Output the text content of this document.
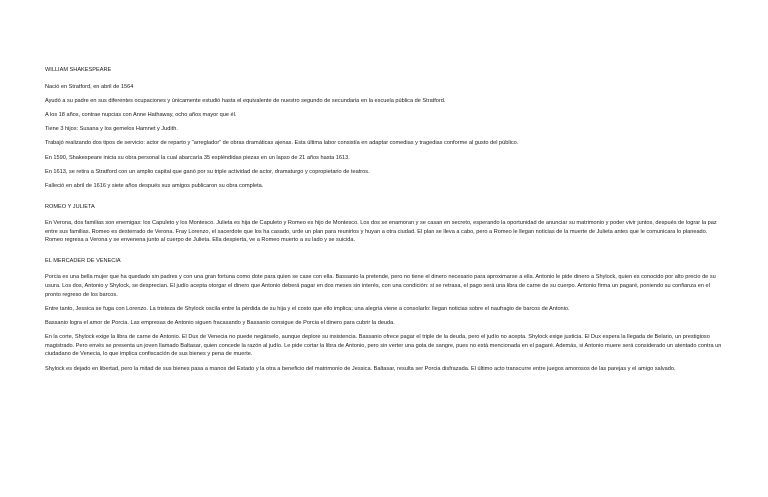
WILLIAM SHAKESPEARE

Nació en Stratford, en abril de 1564

Ayudó a su padre en sus diferentes ocupaciones y únicamente estudió hasta el equivalente de nuestro segundo de secundaria en la escuela pública de Stratford.

A los 18 años, contrae nupcias con Anne Hathaway, ocho años mayor que él.

Tiene 3 hijos: Susana y los gemelos Hamnet y Judith.

Trabajó realizando dos tipos de servicio: actor de reparto y “arreglador” de obras dramáticas ajenas. Esta última labor consistía en adaptar comedias y tragedias conforme al gusto del público.

En 1590, Shakespeare inicia su obra personal la cual abarcaría 35 espléndidas piezas en un lapso de 21 años hasta 1613.

En 1613, se retira a Stratford con un amplio capital que ganó por su triple actividad de actor, dramaturgo y copropietario de teatros.

Falleció en abril de 1616 y siete años después sus amigos publicaron su obra completa.

ROMEO Y JULIETA

En Verona, dos familias son enemigas: los Capuleto y los Montesco. Julieta es hija de Capuleto y Romeo es hijo de Montesco. Los dos se enamoran y se casan en secreto, esperando la oportunidad de anunciar su matrimonio y poder vivir juntos, después de lograr la paz entre sus familias. Romeo es desterrado de Verona. Fray Lorenzo, el sacerdote que los ha casado, urde un plan para reunirlos y huyan a otra ciudad. El plan se lleva a cabo, pero a Romeo le llegan noticias de la muerte de Julieta antes que le comunicara lo planeado. Romeo regresa a Verona y se envenena junto al cuerpo de Julieta. Ella despierta, ve a Romeo muerto a su lado y se suicida.

EL MERCADER DE VENECIA

Porcia es una bella mujer que ha quedado sin padres y con una gran fortuna como dote para quien se case con ella. Bassanio la pretende, pero no tiene el dinero necesario para aproximarse a ella. Antonio le pide dinero a Shylock, quien es conocido por alto precio de su usura. Los dos, Antonio y Shylock, se desprecian. El judío acepta otorgar el dinero que Antonio deberá pagar en dos meses sin interés, con una condición: si se retrasa, el pago será una libra de carne de su cuerpo. Antonio firma un pagaré, poniendo su confianza en el pronto regreso de los barcos.

Entre tanto, Jessica se fuga con Lorenzo. La tristeza de Shylock oscila entre la pérdida de su hija y el costo que ello implica; una alegría viene a consolarlo: llegan noticias sobre el naufragio de barcos de Antonio.

Bassanio logra el amor de Porcia. Las empresas de Antonio siguen fracasando y Bassanio consigue de Porcia el dinero para cubrir la deuda.

En la corte, Shylock exige la libra de carne de Antonio. El Dux de Venecia no puede negárselo, aunque deplore su insistencia. Bassanio ofrece pagar el triple de la deuda, pero el judío no acepta. Shylock exige justicia. El Dux espera la llegada de Belario, un prestigioso magistrado. Pero envés se presenta un joven llamado Baltasar, quien concede la razón al judío. Le pide cortar la libra de Antonio, pero sin verter una gota de sangre, pues no está mencionada en el pagaré. Además, si Antonio muere será considerado un atentado contra un ciudadano de Venecia, lo que implica confiscación de sus bienes y pena de muerte.

Shylock es dejado en libertad, pero la mitad de sus bienes pasa a manos del Estado y la otra a beneficio del matrimonio de Jessica. Baltasar, resulta ser Porcia disfrazada. El último acto transcurre entre juegos amorosos de las parejas y el amigo salvado.
